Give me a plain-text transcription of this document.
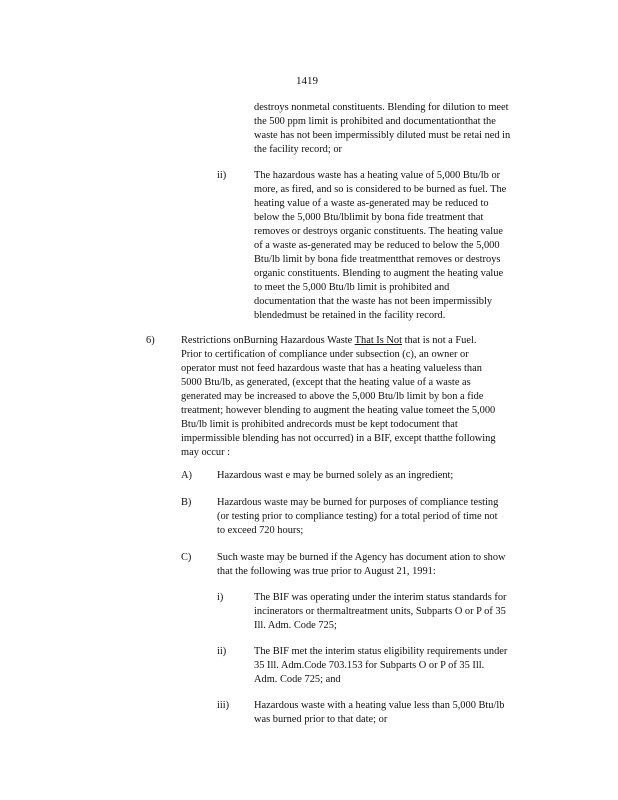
1419
destroys nonmetal constituents. Blending for dilution to meet
the 500 ppm limit is prohibited and documentationthat the
waste has not been impermissibly diluted must be retai ned in
the facility record; or
ii)	The hazardous waste has a heating value of 5,000 Btu/lb or
more, as fired, and so is considered to be burned as fuel. The
heating value of a waste as-generated may be reduced to
below the 5,000 Btu/lblimit by bona fide treatment that
removes or destroys organic constituents. The heating value
of a waste as-generated may be reduced to below the 5,000
Btu/lb limit by bona fide treatmentthat removes or destroys
organic constituents. Blending to augment the heating value
to meet the 5,000 Btu/lb limit is prohibited and
documentation that the waste has not been impermissibly
blendedmust be retained in the facility record.
6)	Restrictions onBurning Hazardous Waste That Is Not that is not a Fuel.
Prior to certification of compliance under subsection (c), an owner or
operator must not feed hazardous waste that has a heating valueless than
5000 Btu/lb, as generated, (except that the heating value of a waste as
generated may be increased to above the 5,000 Btu/lb limit by bon a fide
treatment; however blending to augment the heating value tomeet the 5,000
Btu/lb limit is prohibited andrecords must be kept todocument that
impermissible blending has not occurred) in a BIF, except thatthe following
may occur :
A) Hazardous wast e may be burned solely as an ingredient;
B) Hazardous waste may be burned for purposes of compliance testing
(or testing prior to compliance testing) for a total period of time not
to exceed 720 hours;
C) Such waste may be burned if the Agency has document ation to show
that the following was true prior to August 21, 1991:
i)	The BIF was operating under the interim status standards for
incinerators or thermaltreatment units, Subparts O or P of 35
Ill. Adm. Code 725;
ii)	The BIF met the interim status eligibility requirements under
35 Ill. Adm.Code 703.153 for Subparts O or P of 35 Ill.
Adm. Code 725; and
iii) Hazardous waste with a heating value less than 5,000 Btu/lb
was burned prior to that date; or
